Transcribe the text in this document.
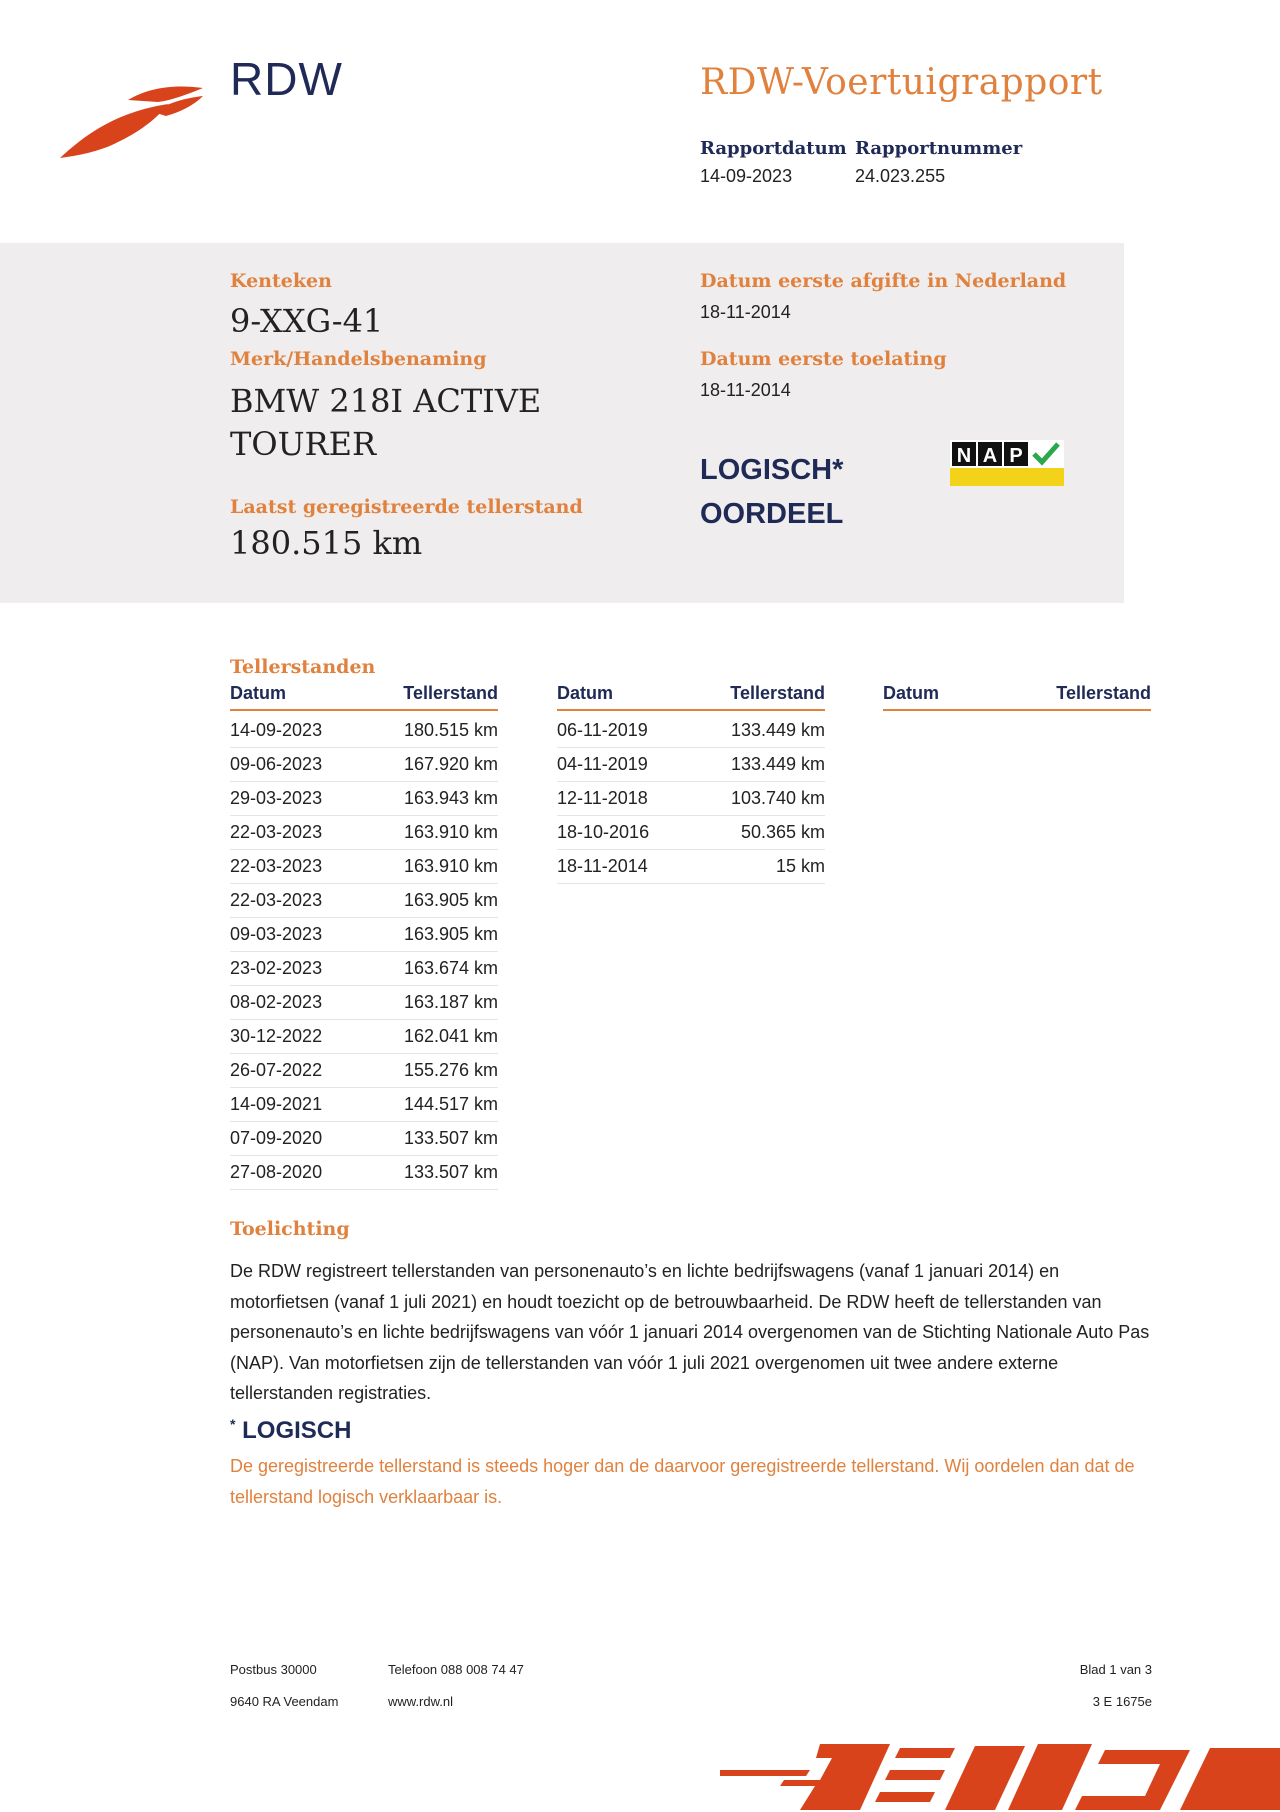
RDW	RDW-Voertuigrapport
Rapportdatum
14-09-2023
Rapportnummer
24.023.255
Kenteken
9-XXG-41
Merk/Handelsbenaming
BMW 218I ACTIVE
TOURER
Laatst geregistreerde tellerstand
180.515 km
Datum eerste afgifte in Nederland
18-11-2014
Datum eerste toelating
18-11-2014
LOGISCH*
OORDEEL
N A P
Tellerstanden
Datum	Tellerstand	Datum	Tellerstand	Datum	Tellerstand
14-09-2023	180.515 km
09-06-2023	167.920 km
29-03-2023	163.943 km
22-03-2023	163.910 km
22-03-2023	163.910 km
22-03-2023	163.905 km
09-03-2023	163.905 km
23-02-2023	163.674 km
08-02-2023	163.187 km
30-12-2022	162.041 km
26-07-2022	155.276 km
14-09-2021	144.517 km
07-09-2020	133.507 km
27-08-2020	133.507 km
06-11-2019	133.449 km
04-11-2019	133.449 km
12-11-2018	103.740 km
18-10-2016	50.365 km
18-11-2014	15 km
Toelichting
De RDW registreert tellerstanden van personenauto’s en lichte bedrijfswagens (vanaf 1 januari 2014) en motorfietsen (vanaf 1 juli 2021) en houdt toezicht op de betrouwbaarheid. De RDW heeft de tellerstanden van personenauto’s en lichte bedrijfswagens van vóór 1 januari 2014 overgenomen van de Stichting Nationale Auto Pas (NAP). Van motorfietsen zijn de tellerstanden van vóór 1 juli 2021 overgenomen uit twee andere externe tellerstanden registraties.
* LOGISCH
De geregistreerde tellerstand is steeds hoger dan de daarvoor geregistreerde tellerstand. Wij oordelen dan dat de tellerstand logisch verklaarbaar is.
Postbus 30000
9640 RA Veendam
Telefoon 088 008 74 47
www.rdw.nl
Blad 1 van 3
3 E 1675e
